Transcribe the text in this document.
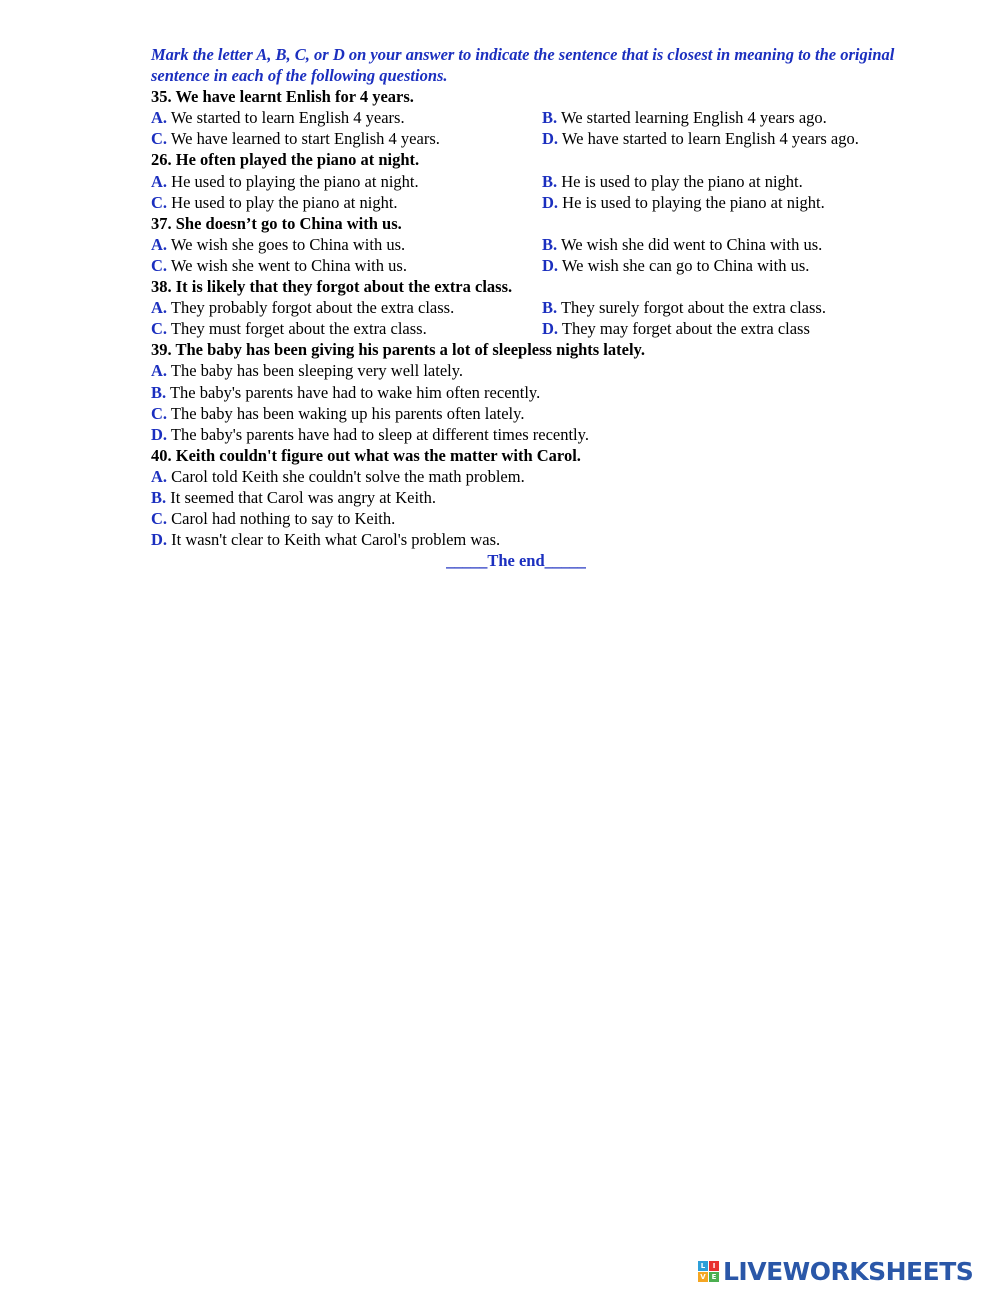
Mark the letter A, B, C, or D on your answer to indicate the sentence that is closest in meaning to the original sentence in each of the following questions.
35. We have learnt Enlish for 4 years.
A. We started to learn English 4 years.	B. We started learning English 4 years ago.
C. We have learned to start English 4 years.	D. We have started to learn English 4 years ago.
26. He often played the piano at night.
A. He used to playing the piano at night.	B. He is used to play the piano at night.
C. He used to play the piano at night.	D. He is used to playing the piano at night.
37. She doesn’t go to China with us.
A. We wish she goes to China with us.	B. We wish she did went to China with us.
C. We wish she went to China with us.	D. We wish she can go to China with us.
38. It is likely that they forgot about the extra class.
A. They probably forgot about the extra class.	B. They surely forgot about the extra class.
C. They must forget about the extra class.	D. They may forget about the extra class
39. The baby has been giving his parents a lot of sleepless nights lately.
A. The baby has been sleeping very well lately.
B. The baby's parents have had to wake him often recently.
C. The baby has been waking up his parents often lately.
D. The baby's parents have had to sleep at different times recently.
40. Keith couldn't figure out what was the matter with Carol.
A. Carol told Keith she couldn't solve the math problem.
B. It seemed that Carol was angry at Keith.
C. Carol had nothing to say to Keith.
D. It wasn't clear to Keith what Carol's problem was.
_____The end_____
L	I
V E LIVEWORKSHEETS
